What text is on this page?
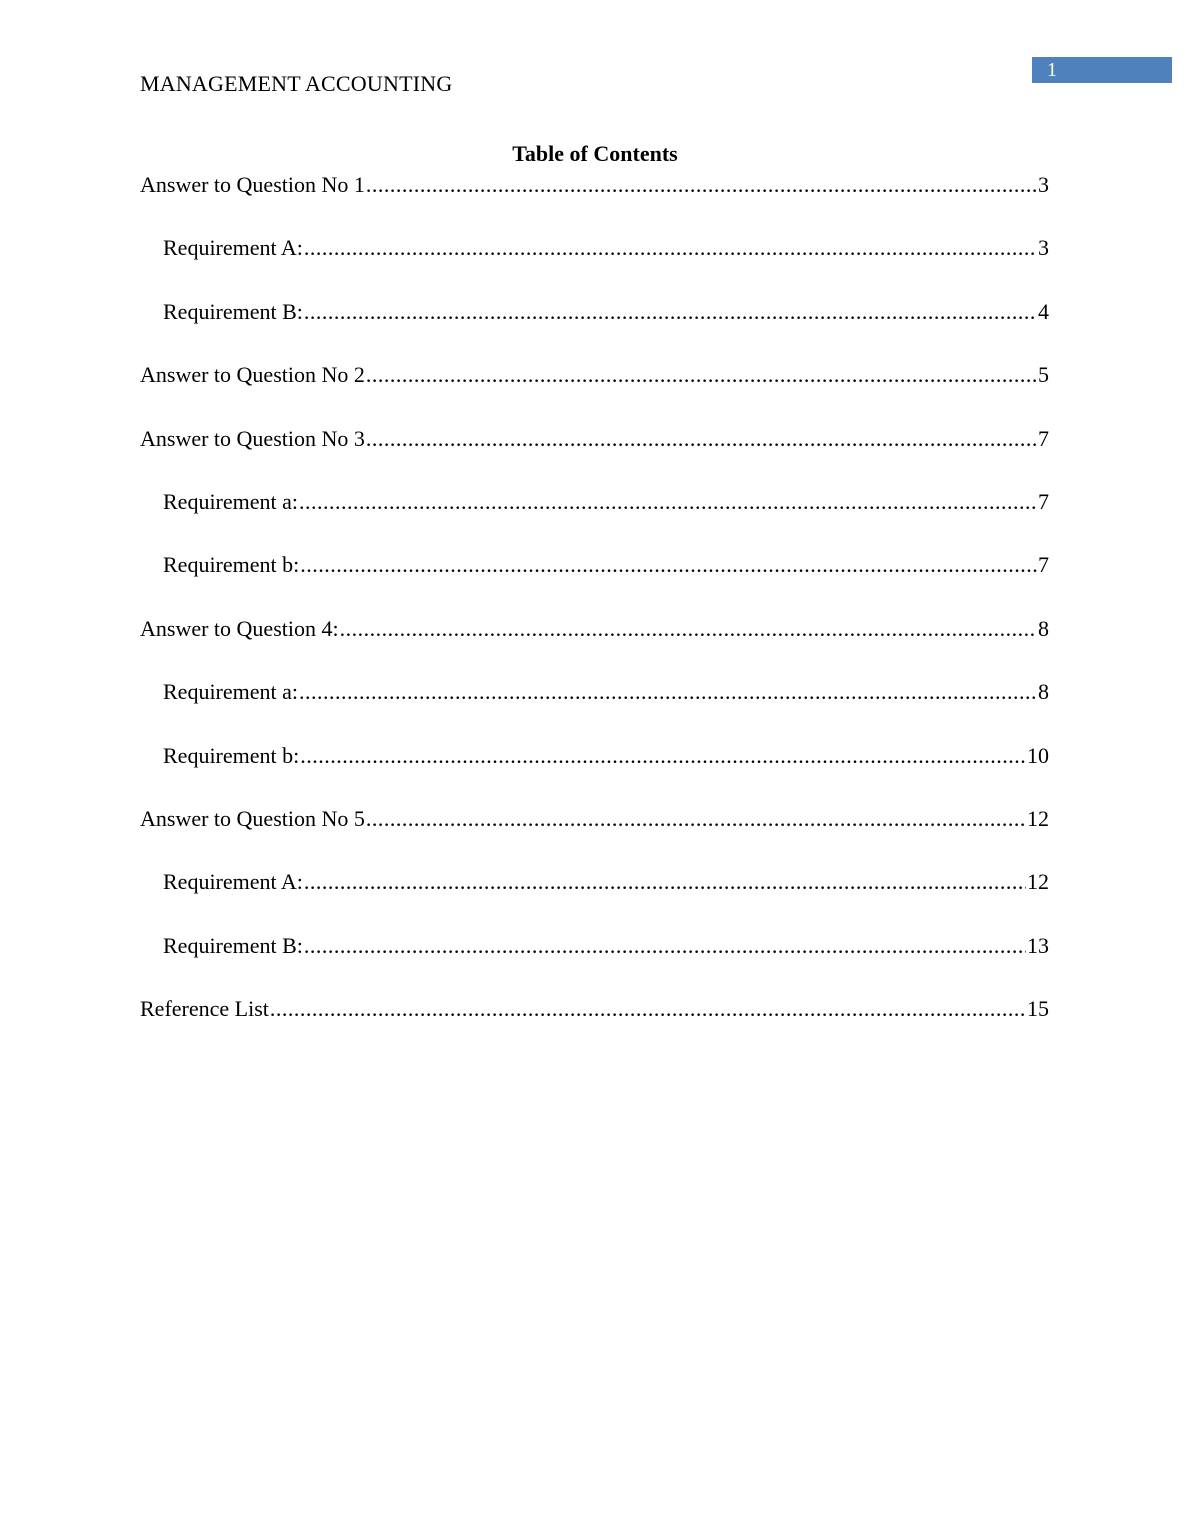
MANAGEMENT ACCOUNTING
1
Table of Contents
Answer to Question No 1 .....	3
Requirement A: .....	3
Requirement B: .....	4
Answer to Question No 2 .....	5
Answer to Question No 3 .....	7
Requirement a: .....	7
Requirement b: .....	7
Answer to Question 4: .....	8
Requirement a: .....	8
Requirement b: .....	10
Answer to Question No 5 .....	12
Requirement A: .....	12
Requirement B: .....	13
Reference List .....	15
